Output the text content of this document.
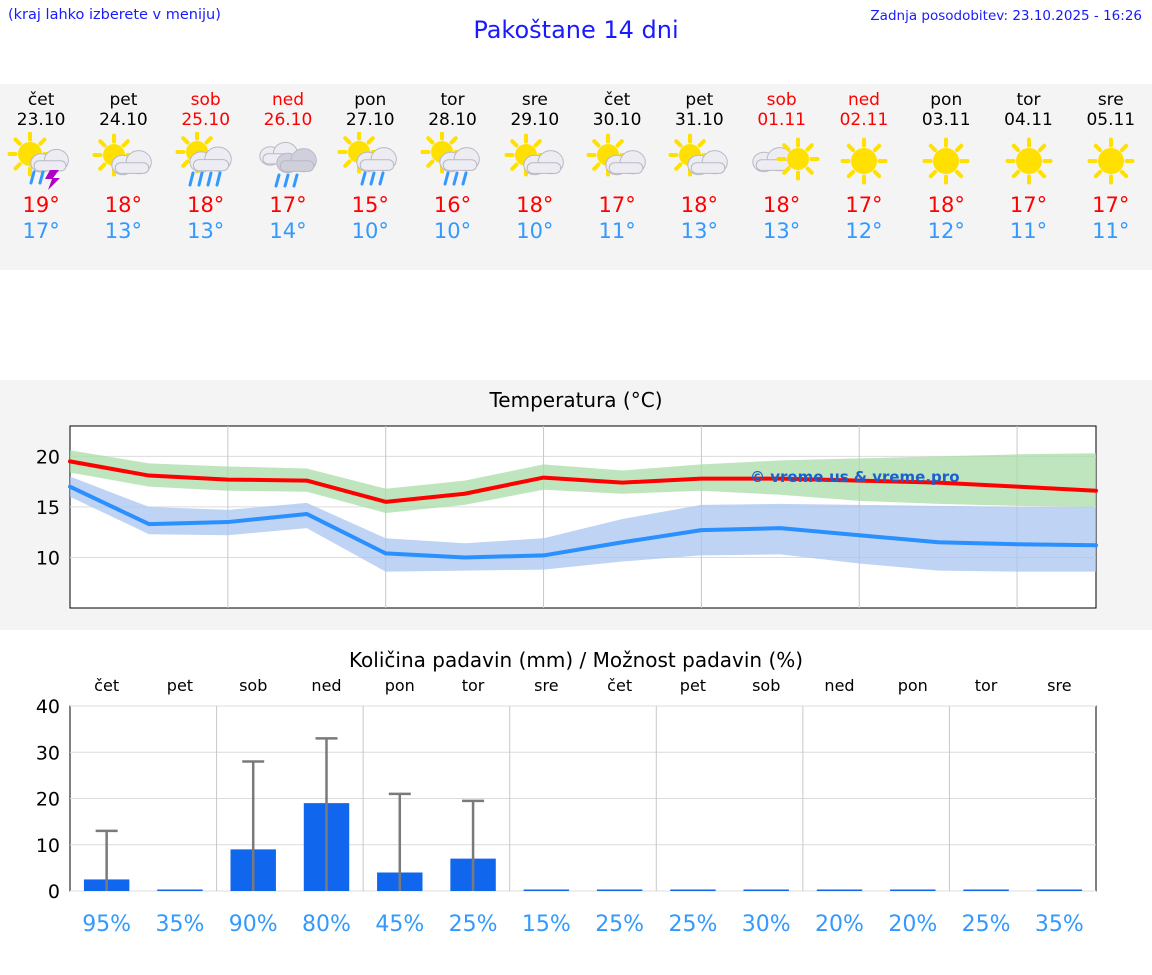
(kraj lahko izberete v meniju)
Pakoštane 14 dni	Zadnja posodobitev: 23.10.2025 - 16:26
čet
23.10
19°
17°
pet
24.10
18°
13°
sob
25.10
18°
13°
ned
26.10
17°
14°
pon
27.10
15°
10°
tor
28.10
16°
10°
sre
29.10
18°
10°
čet
30.10
17°
11°
pet
31.10
18°
13°
sob
01.11
18°
13°
ned
02.11
17°
12°
pon
03.11
18°
12°
tor
04.11
17°
11°
sre
05.11
17°
11°
Temperatura (°C)
10
15
20
© vreme.us & vreme.pro
Količina padavin (mm) / Možnost padavin (%)
čet	pet	sob	ned	pon	tor	sre	čet	pet	sob	ned	pon	tor	sre
0
10
20
30
40
95%	35%	90%	80%	45%	25%	15%	25%	25%	30%	20%	20%	25%	35%
